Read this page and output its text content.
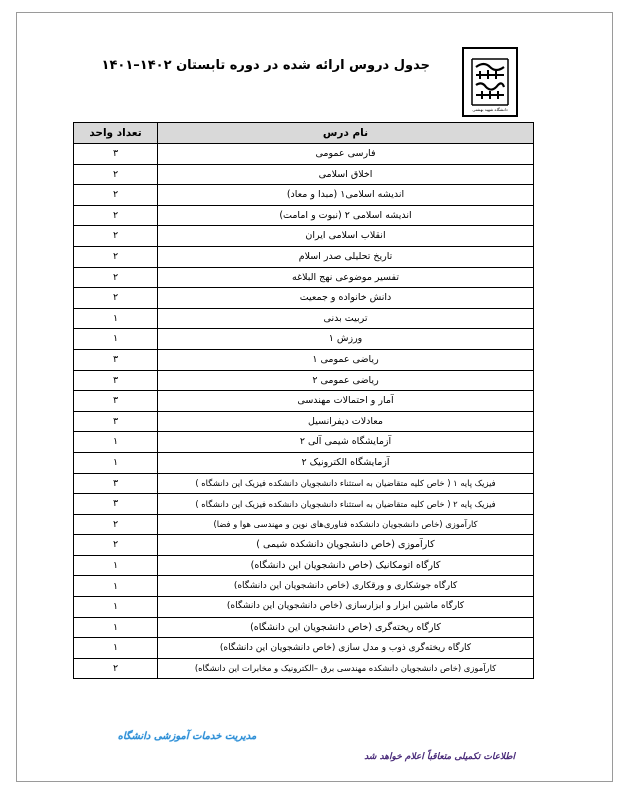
دانشگاه شهید بهشتی
جدول دروس ارائه شده در دوره تابستان ۱۴۰۲–۱۴۰۱
نام درس	تعداد واحد
فارسی عمومی	۳
اخلاق اسلامی	۲
اندیشه اسلامی۱ (مبدا و معاد)	۲
اندیشه اسلامی ۲ (نبوت و امامت)	۲
انقلاب اسلامی ایران	۲
تاریخ تحلیلی صدر اسلام	۲
تفسیر موضوعی نهج البلاغه	۲
دانش خانواده و جمعیت	۲
تربیت بدنی	۱
ورزش ۱	۱
ریاضی عمومی ۱	۳
ریاضی عمومی ۲	۳
آمار و احتمالات مهندسی	۳
معادلات دیفرانسیل	۳
آزمایشگاه شیمی آلی ۲	۱
آزمایشگاه الکترونیک ۲	۱
فیزیک پایه ۱ ( خاص کلیه متقاضیان به استثناء دانشجویان دانشکده فیزیک این دانشگاه )	۳
فیزیک پایه ۲ ( خاص کلیه متقاضیان به استثناء دانشجویان دانشکده فیزیک این دانشگاه )	۳
کارآموزی (خاص دانشجویان دانشکده فناوری‌های نوین و مهندسی هوا و فضا)	۲
کارآموزی (خاص دانشجویان دانشکده شیمی )	۲
کارگاه اتومکانیک (خاص دانشجویان این دانشگاه)	۱
کارگاه جوشکاری و ورقکاری (خاص دانشجویان این دانشگاه)	۱
کارگاه ماشین ابزار و ابزارسازی (خاص دانشجویان این دانشگاه)	۱
کارگاه ریخته‌گری (خاص دانشجویان این دانشگاه)	۱
کارگاه ریخته‌گری ذوب و مدل سازی (خاص دانشجویان این دانشگاه)	۱
کارآموزی (خاص دانشجویان دانشکده مهندسی برق –الکترونیک و مخابرات این دانشگاه)	۲
مدیریت خدمات آموزشی دانشگاه
اطلاعات تکمیلی متعاقباً اعلام خواهد شد
